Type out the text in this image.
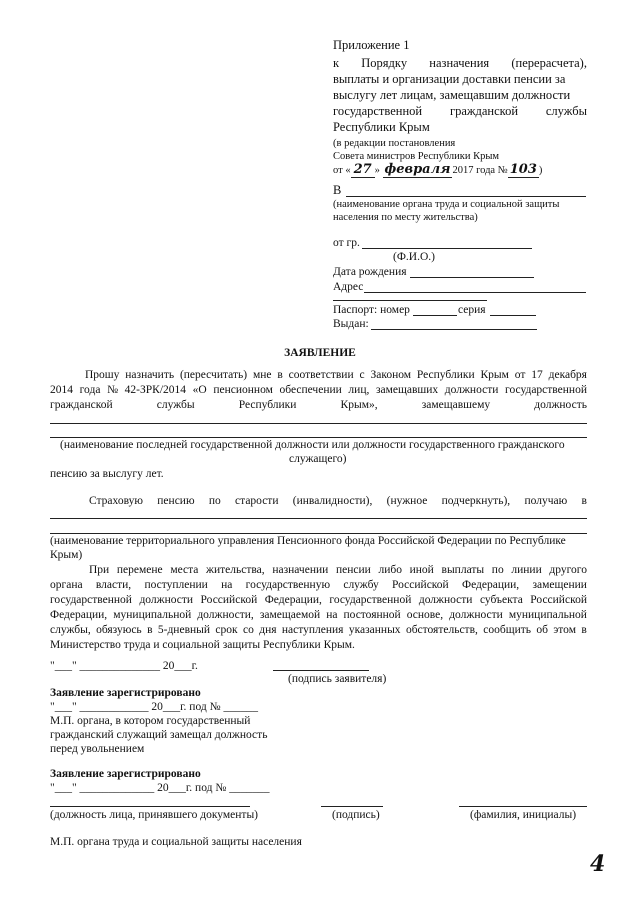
Приложение 1
к Порядку назначения (перерасчета),
выплаты и организации доставки пенсии за
выслугу лет лицам, замещавшим должности
государственной гражданской службы
Республики Крым
(в редакции постановления
Совета министров Республики Крым
от « 27 » февраля 2017 года № 103 )
В
(наименование органа труда и социальной защиты
населения по месту жительства)
от гр.
(Ф.И.О.)
Дата рождения
Адрес
Паспорт: номер	серия
Выдан:
ЗАЯВЛЕНИЕ
Прошу назначить (пересчитать) мне в соответствии с Законом Республики Крым от 17 декабря
2014 года № 42-ЗРК/2014 «О пенсионном обеспечении лиц, замещавших должности государственной
гражданской	службы	Республики	Крым»,	замещавшему	должность
(наименование последней государственной должности или должности государственного гражданского
служащего)
пенсию за выслугу лет.
Страховую пенсию по старости (инвалидности), (нужное подчеркнуть), получаю в
(наименование территориального управления Пенсионного фонда Российской Федерации по Республике
Крым)
При перемене места жительства, назначении пенсии либо иной выплаты по линии другого
органа власти, поступлении на государственную службу Российской Федерации, замещении
государственной должности Российской Федерации, государственной должности субъекта Российской
Федерации, муниципальной должности, замещаемой на постоянной основе, должности муниципальной
службы, обязуюсь в 5-дневный срок со дня наступления указанных обстоятельств, сообщить об этом в
Министерство труда и социальной защиты Республики Крым.
"___" ______________ 20___г.
(подпись заявителя)
Заявление зарегистрировано
"___" ____________ 20___г. под № ______
М.П. органа, в котором государственный
гражданский служащий замещал должность
перед увольнением
Заявление зарегистрировано
"___" _____________ 20___г. под № _______
(должность лица, принявшего документы)	(подпись)	(фамилия, инициалы)
М.П. органа труда и социальной защиты населения
4
